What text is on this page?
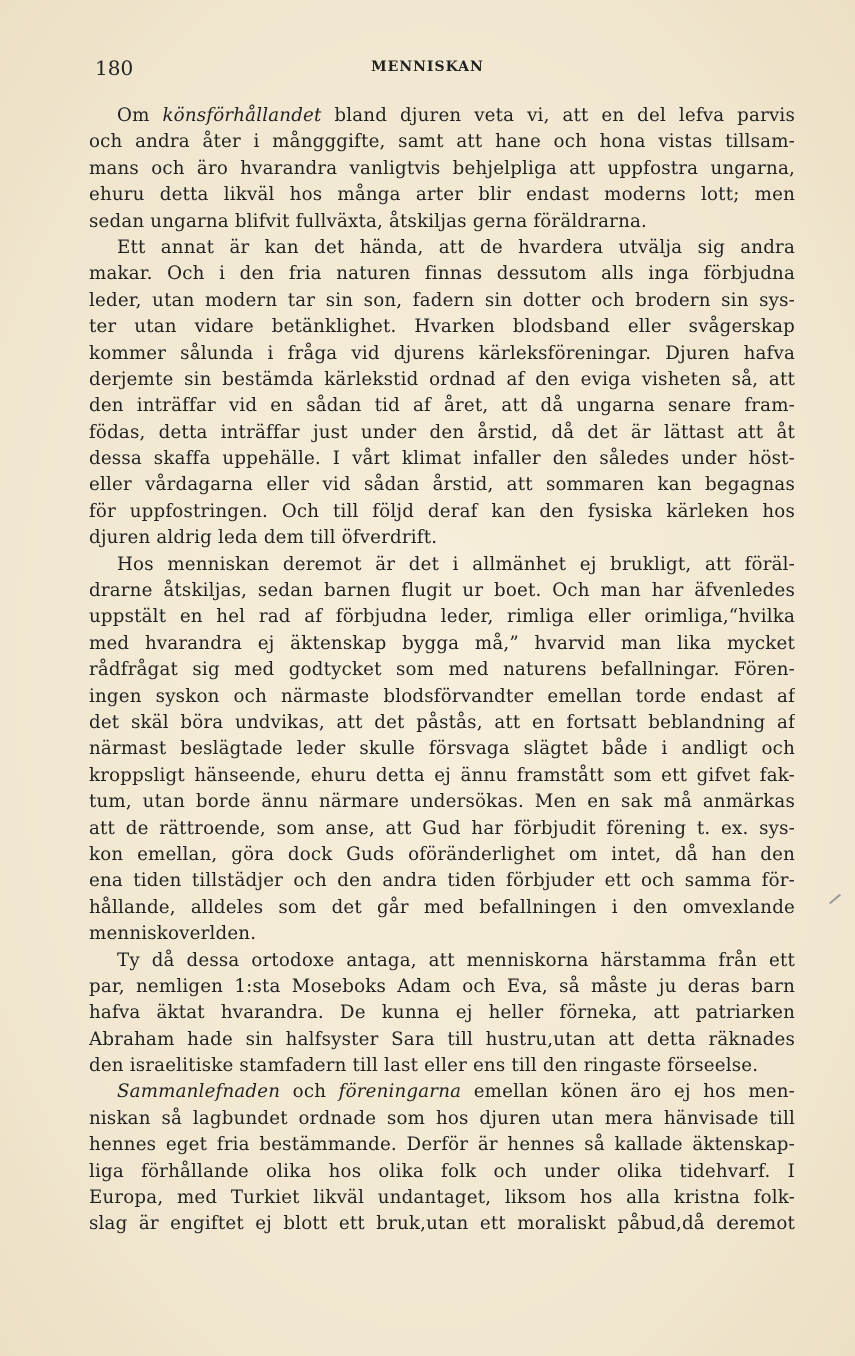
180	MENNISKAN
Om könsförhållandet bland djuren veta vi, att en del lefva parvis
och andra åter i mångggifte, samt att hane och hona vistas tillsam-
mans och äro hvarandra vanligtvis behjelpliga att uppfostra ungarna,
ehuru detta likväl hos många arter blir endast moderns lott; men
sedan ungarna blifvit fullväxta, åtskiljas gerna föräldrarna.
Ett annat är kan det hända, att de hvardera utvälja sig andra
makar. Och i den fria naturen finnas dessutom alls inga förbjudna
leder, utan modern tar sin son, fadern sin dotter och brodern sin sys-
ter utan vidare betänklighet. Hvarken blodsband eller svågerskap
kommer sålunda i fråga vid djurens kärleksföreningar. Djuren hafva
derjemte sin bestämda kärlekstid ordnad af den eviga visheten så, att
den inträffar vid en sådan tid af året, att då ungarna senare fram-
födas, detta inträffar just under den årstid, då det är lättast att åt
dessa skaffa uppehälle. I vårt klimat infaller den således under höst-
eller vårdagarna eller vid sådan årstid, att sommaren kan begagnas
för uppfostringen. Och till följd deraf kan den fysiska kärleken hos
djuren aldrig leda dem till öfverdrift.
Hos menniskan deremot är det i allmänhet ej brukligt, att föräl-
drarne åtskiljas, sedan barnen flugit ur boet. Och man har äfvenledes
uppstält en hel rad af förbjudna leder, rimliga eller orimliga,“hvilka
med hvarandra ej äktenskap bygga må,” hvarvid man lika mycket
rådfrågat sig med godtycket som med naturens befallningar. Fören-
ingen syskon och närmaste blodsförvandter emellan torde endast af
det skäl böra undvikas, att det påstås, att en fortsatt beblandning af
närmast beslägtade leder skulle försvaga slägtet både i andligt och
kroppsligt hänseende, ehuru detta ej ännu framstått som ett gifvet fak-
tum, utan borde ännu närmare undersökas. Men en sak må anmärkas
att de rättroende, som anse, att Gud har förbjudit förening t. ex. sys-
kon emellan, göra dock Guds oföränderlighet om intet, då han den
ena tiden tillstädjer och den andra tiden förbjuder ett och samma för-
hållande, alldeles som det går med befallningen i den omvexlande
menniskoverlden.
Ty då dessa ortodoxe antaga, att menniskorna härstamma från ett
par, nemligen 1:sta Moseboks Adam och Eva, så måste ju deras barn
hafva äktat hvarandra. De kunna ej heller förneka, att patriarken
Abraham hade sin halfsyster Sara till hustru,utan att detta räknades
den israelitiske stamfadern till last eller ens till den ringaste förseelse.
Sammanlefnaden och föreningarna emellan könen äro ej hos men-
niskan så lagbundet ordnade som hos djuren utan mera hänvisade till
hennes eget fria bestämmande. Derför är hennes så kallade äktenskap-
liga förhållande olika hos olika folk och under olika tidehvarf. I
Europa, med Turkiet likväl undantaget, liksom hos alla kristna folk-
slag är engiftet ej blott ett bruk,utan ett moraliskt påbud,då deremot
